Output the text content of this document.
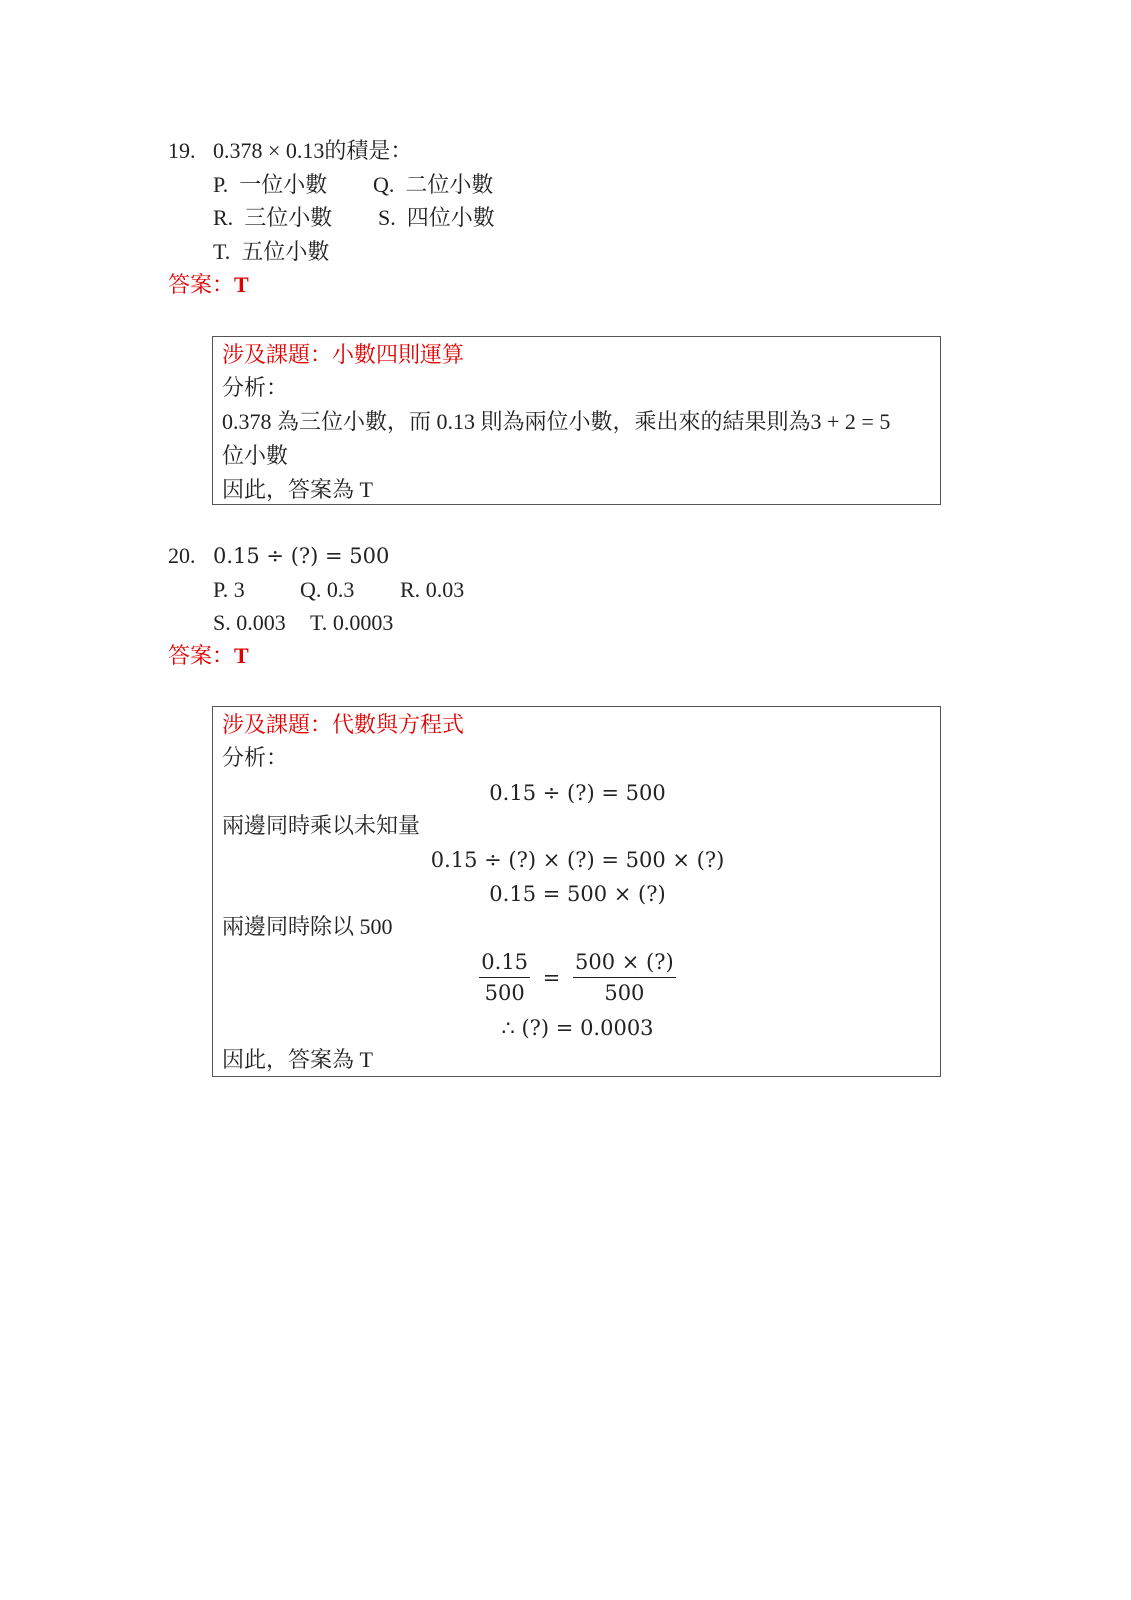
19. 0.378 × 0.13的積是：
P. 一位小數 Q. 二位小數
R. 三位小數 S. 四位小數
T. 五位小數
答案：T
涉及課題：小數四則運算
分析：
0.378 為三位小數，而 0.13 則為兩位小數，乘出來的結果則為3 + 2 = 5
位小數
因此，答案為 T
20. 0.15 ÷ (?) = 500
P. 3	Q. 0.3 R. 0.03
S. 0.003 T. 0.0003
答案：T
涉及課題：代數與方程式
分析：
0.15 ÷ (?) = 500
兩邊同時乘以未知量
0.15 ÷ (?) × (?) = 500 × (?)
0.15 = 500 × (?)
兩邊同時除以 500
$\frac{0.15}{500} = \frac{500 \times (?)}{500}$
∴ (?) = 0.0003
因此，答案為 T
